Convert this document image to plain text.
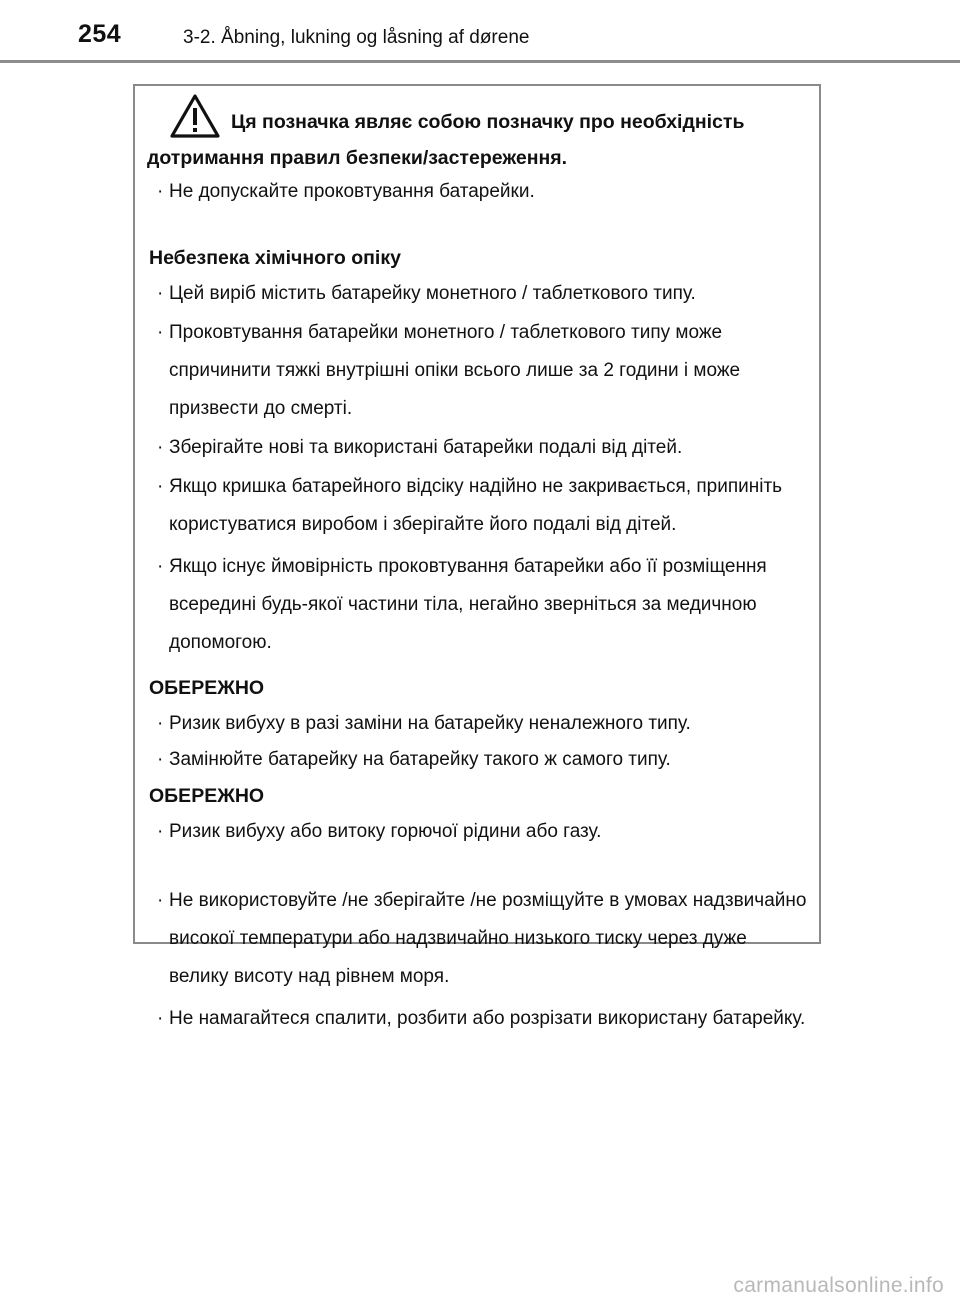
254	3-2. Åbning, lukning og låsning af dørene
Ця позначка являє собою позначку про необхідність
дотримання правил безпеки/застереження.
· Не допускайте проковтування батарейки.
Небезпека хімічного опіку
· Цей виріб містить батарейку монетного / таблеткового типу.
· Проковтування батарейки монетного / таблеткового типу може спричинити тяжкі внутрішні опіки всього лише за 2 години і може призвести до смерті.
· Зберігайте нові та використані батарейки подалі від дітей.
· Якщо кришка батарейного відсіку надійно не закривається, припиніть користуватися виробом і зберігайте його подалі від дітей.
· Якщо існує ймовірність проковтування батарейки або її розміщення всередині будь-якої частини тіла, негайно зверніться за медичною допомогою.
ОБЕРЕЖНО
· Ризик вибуху в разі заміни на батарейку неналежного типу.
· Замінюйте батарейку на батарейку такого ж самого типу.
ОБЕРЕЖНО
· Ризик вибуху або витоку горючої рідини або газу.
· Не використовуйте /не зберігайте /не розміщуйте в умовах надзвичайно високої температури або надзвичайно низького тиску через дуже велику висоту над рівнем моря.
· Не намагайтеся спалити, розбити або розрізати використану батарейку.
carmanualsonline.info
